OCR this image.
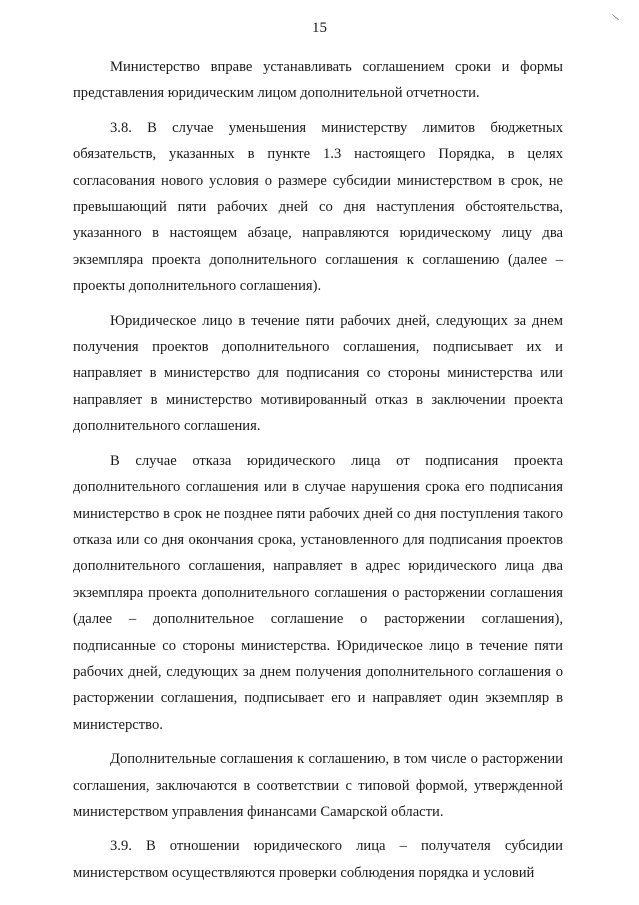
15
\

Министерство вправе устанавливать соглашением сроки и формы представления юридическим лицом дополнительной отчетности.

3.8. В случае уменьшения министерству лимитов бюджетных обязательств, указанных в пункте 1.3 настоящего Порядка, в целях согласования нового условия о размере субсидии министерством в срок, не превышающий пяти рабочих дней со дня наступления обстоятельства, указанного в настоящем абзаце, направляются юридическому лицу два экземпляра проекта дополнительного соглашения к соглашению (далее – проекты дополнительного соглашения).

Юридическое лицо в течение пяти рабочих дней, следующих за днем получения проектов дополнительного соглашения, подписывает их и направляет в министерство для подписания со стороны министерства или направляет в министерство мотивированный отказ в заключении проекта дополнительного соглашения.

В случае отказа юридического лица от подписания проекта дополнительного соглашения или в случае нарушения срока его подписания министерство в срок не позднее пяти рабочих дней со дня поступления такого отказа или со дня окончания срока, установленного для подписания проектов дополнительного соглашения, направляет в адрес юридического лица два экземпляра проекта дополнительного соглашения о расторжении соглашения (далее – дополнительное соглашение о расторжении соглашения), подписанные со стороны министерства. Юридическое лицо в течение пяти рабочих дней, следующих за днем получения дополнительного соглашения о расторжении соглашения, подписывает его и направляет один экземпляр в министерство.

Дополнительные соглашения к соглашению, в том числе о расторжении соглашения, заключаются в соответствии с типовой формой, утвержденной министерством управления финансами Самарской области.

3.9. В отношении юридического лица – получателя субсидии министерством осуществляются проверки соблюдения порядка и условий
